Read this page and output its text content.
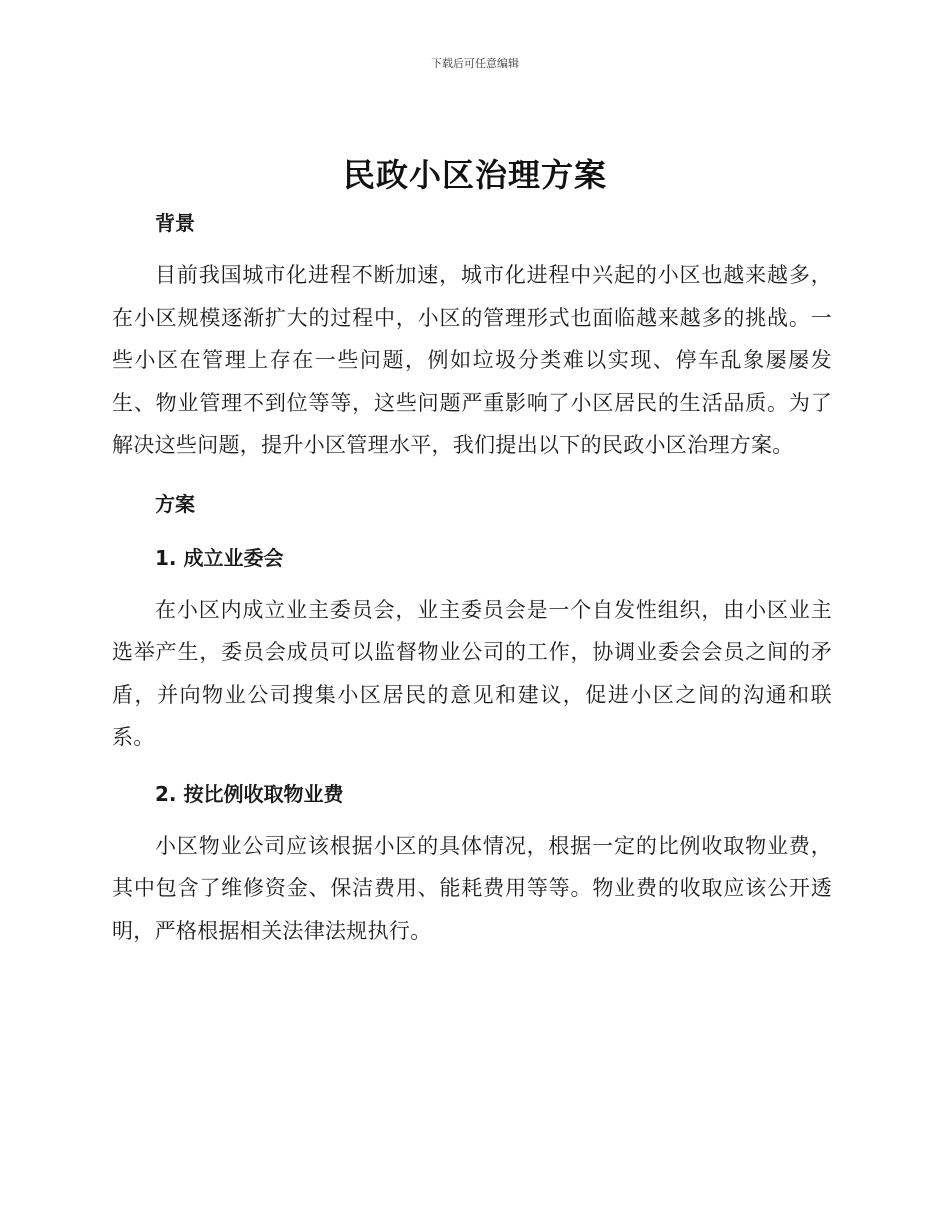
下载后可任意编辑
民政小区治理方案
背景

目前我国城市化进程不断加速，城市化进程中兴起的小区也越来越多，在小区规模逐渐扩大的过程中，小区的管理形式也面临越来越多的挑战。一些小区在管理上存在一些问题，例如垃圾分类难以实现、停车乱象屡屡发生、物业管理不到位等等，这些问题严重影响了小区居民的生活品质。为了解决这些问题，提升小区管理水平，我们提出以下的民政小区治理方案。

方案
1. 成立业委会

在小区内成立业主委员会，业主委员会是一个自发性组织，由小区业主选举产生，委员会成员可以监督物业公司的工作，协调业委会会员之间的矛盾，并向物业公司搜集小区居民的意见和建议，促进小区之间的沟通和联系。

2. 按比例收取物业费

小区物业公司应该根据小区的具体情况，根据一定的比例收取物业费，其中包含了维修资金、保洁费用、能耗费用等等。物业费的收取应该公开透明，严格根据相关法律法规执行。
